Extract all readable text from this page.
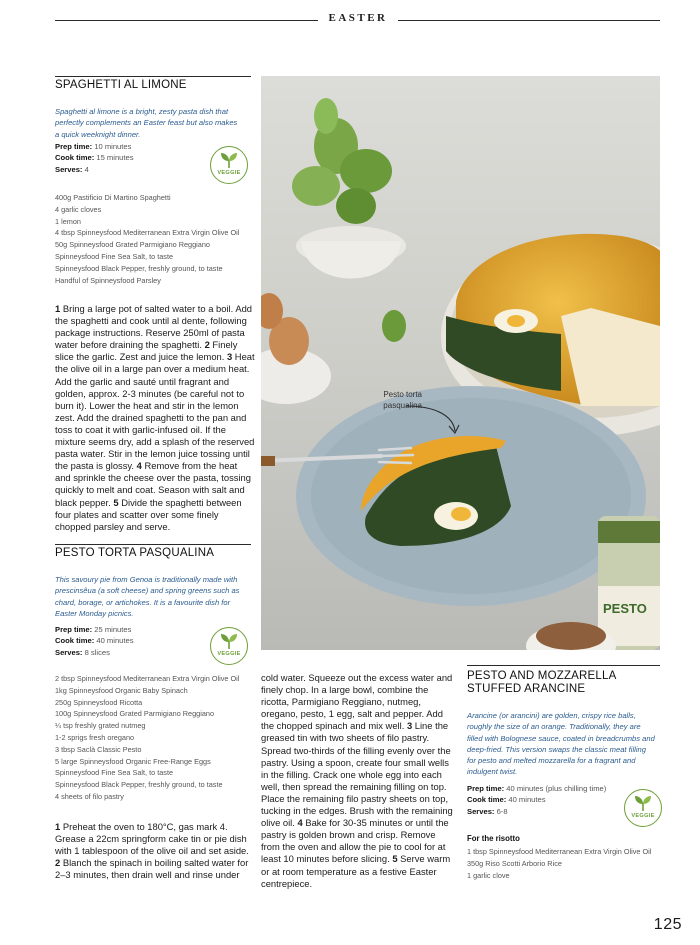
EASTER
SPAGHETTI AL LIMONE
Spaghetti al limone is a bright, zesty pasta dish that
perfectly complements an Easter feast but also makes
a quick weeknight dinner.
Prep time: 10 minutes
Cook time: 15 minutes
Serves: 4	VEGGIE
400g Pastificio Di Martino Spaghetti
4 garlic cloves
1 lemon
4 tbsp Spinneysfood Mediterranean Extra Virgin Olive Oil
50g Spinneysfood Grated Parmigiano Reggiano
Spinneysfood Fine Sea Salt, to taste
Spinneysfood Black Pepper, freshly ground, to taste
Handful of Spinneysfood Parsley
1 Bring a large pot of salted water to a boil. Add the spaghetti and cook until al dente, following package instructions. Reserve 250ml of pasta water before draining the spaghetti. 2 Finely slice the garlic. Zest and juice the lemon. 3 Heat the olive oil in a large pan over a medium heat. Add the garlic and sauté until fragrant and golden, approx. 2-3 minutes (be careful not to burn it). Lower the heat and stir in the lemon zest. Add the drained spaghetti to the pan and toss to coat it with garlic-infused oil. If the mixture seems dry, add a splash of the reserved pasta water. Stir in the lemon juice tossing until the pasta is glossy. 4 Remove from the heat and sprinkle the cheese over the pasta, tossing quickly to melt and coat. Season with salt and black pepper. 5 Divide the spaghetti between four plates and scatter over some finely chopped parsley and serve.
PESTO TORTA PASQUALINA
This savoury pie from Genoa is traditionally made with
prescinsêua (a soft cheese) and spring greens such as
chard, borage, or artichokes. It is a favourite dish for
Easter Monday picnics.
Prep time: 25 minutes
Cook time: 40 minutes
Serves: 8 slices	VEGGIE
2 tbsp Spinneysfood Mediterranean Extra Virgin Olive Oil
1kg Spinneysfood Organic Baby Spinach
250g Spinneysfood Ricotta
100g Spinneysfood Grated Parmigiano Reggiano
¼ tsp freshly grated nutmeg
1-2 sprigs fresh oregano
3 tbsp Saclà Classic Pesto
5 large Spinneysfood Organic Free-Range Eggs
Spinneysfood Fine Sea Salt, to taste
Spinneysfood Black Pepper, freshly ground, to taste
4 sheets of filo pastry
1 Preheat the oven to 180°C, gas mark 4. Grease a 22cm springform cake tin or pie dish with 1 tablespoon of the olive oil and set aside. 2 Blanch the spinach in boiling salted water for 2–3 minutes, then drain well and rinse under
cold water. Squeeze out the excess water and finely chop. In a large bowl, combine the ricotta, Parmigiano Reggiano, nutmeg, oregano, pesto, 1 egg, salt and pepper. Add the chopped spinach and mix well. 3 Line the greased tin with two sheets of filo pastry. Spread two-thirds of the filling evenly over the pastry. Using a spoon, create four small wells in the filling. Crack one whole egg into each well, then spread the remaining filling on top. Place the remaining filo pastry sheets on top, tucking in the edges. Brush with the remaining olive oil. 4 Bake for 30-35 minutes or until the pastry is golden brown and crisp. Remove from the oven and allow the pie to cool for at least 10 minutes before slicing. 5 Serve warm or at room temperature as a festive Easter centrepiece.
PESTO
Pesto torta
pasqualina
PESTO AND MOZZARELLA
STUFFED ARANCINE
Arancine (or arancini) are golden, crispy rice balls,
roughly the size of an orange. Traditionally, they are
filled with Bolognese sauce, coated in breadcrumbs and
deep-fried. This version swaps the classic meat filling
for pesto and melted mozzarella for a fragrant and
indulgent twist.
Prep time: 40 minutes (plus chilling time)
Cook time: 40 minutes
Serves: 6-8
VEGGIE
For the risotto
1 tbsp Spinneysfood Mediterranean Extra Virgin Olive Oil
350g Riso Scotti Arborio Rice
1 garlic clove
125
